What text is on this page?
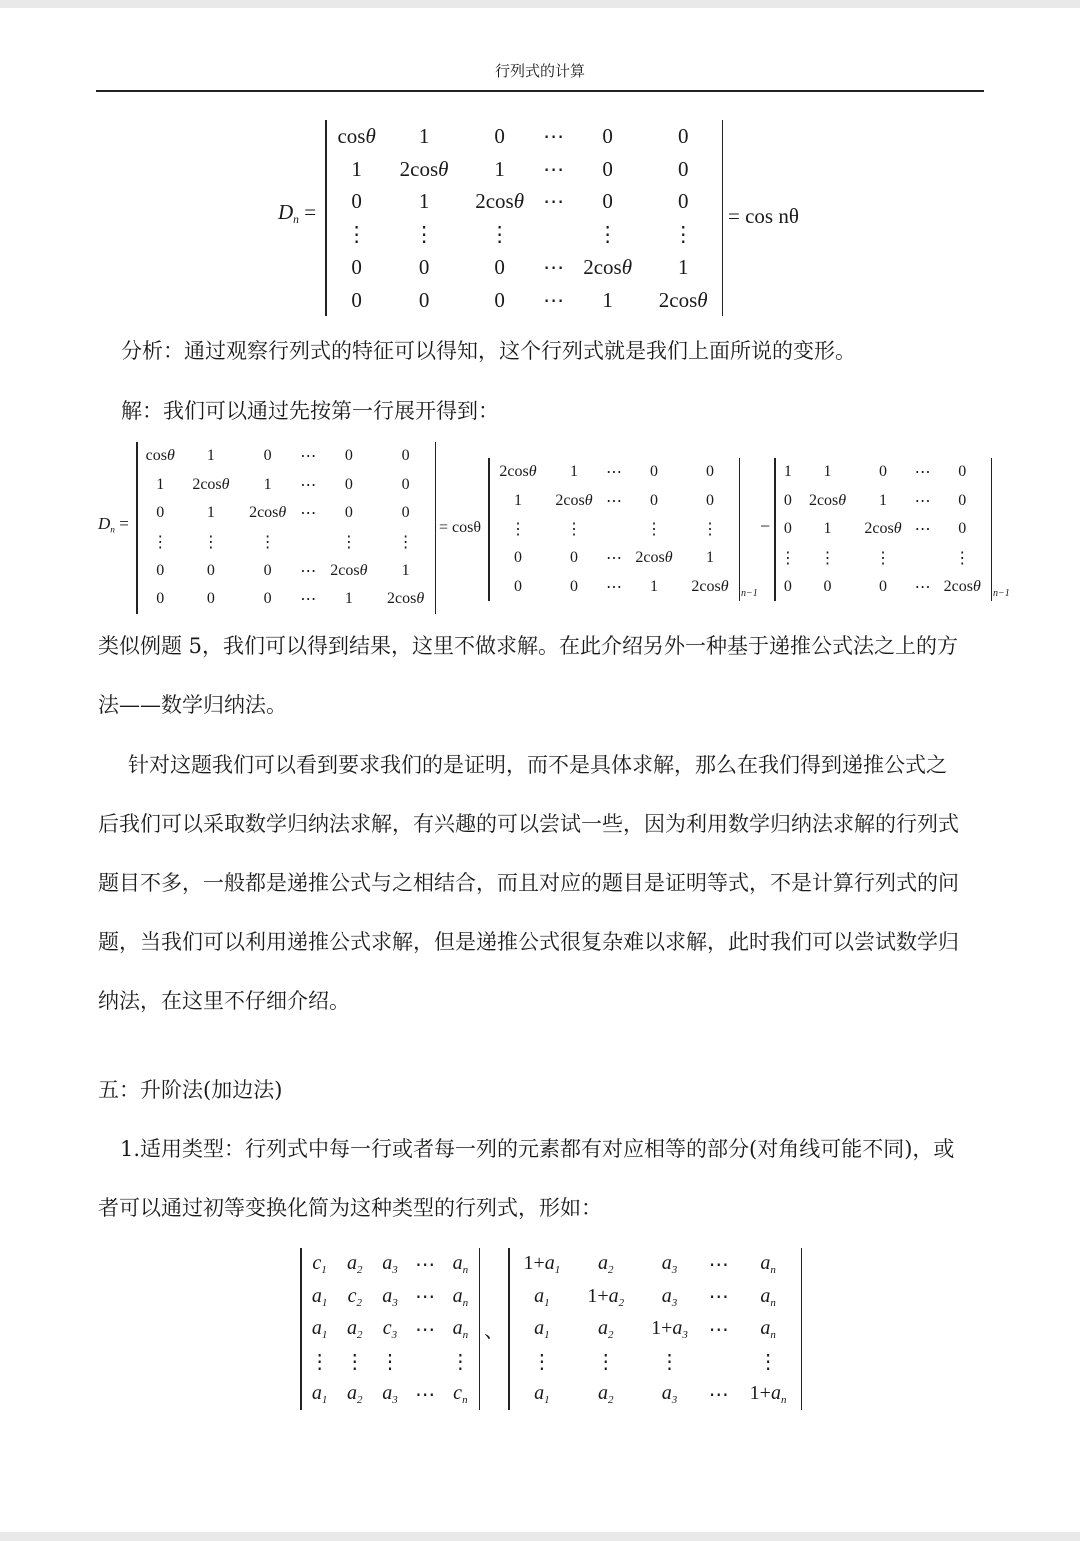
行列式的计算
$D_n$ =
cosθ	1	0	⋯	0	0
1	2cosθ	1	⋯	0	0
0	1	2cosθ	⋯	0	0
⋮	⋮	⋮		⋮	⋮
0	0	0	⋯	2cosθ	1
0	0	0	⋯	1	2cosθ
= cos nθ
分析：通过观察行列式的特征可以得知，这个行列式就是我们上面所说的变形。
解：我们可以通过先按第一行展开得到：
$D_n$ =
cosθ	1	0	⋯	0	0
1	2cosθ	1	⋯	0	0
0	1	2cosθ	⋯	0	0
⋮	⋮	⋮		⋮	⋮
0	0	0	⋯	2cosθ	1
0	0	0	⋯	1	2cosθ
= cosθ
2cosθ	1	⋯	0	0
1	2cosθ	⋯	0	0
⋮	⋮		⋮	⋮
0	0	⋯	2cosθ	1
0	0	⋯	1	2cosθ n−1
−
1	1	0	⋯	0
0	2cosθ	1	⋯	0
0	1	2cosθ	⋯	0
⋮	⋮	⋮		⋮
0	0	0	⋯	2cosθ n−1
类似例题 5，我们可以得到结果，这里不做求解。在此介绍另外一种基于递推公式法之上的方
法——数学归纳法。
针对这题我们可以看到要求我们的是证明，而不是具体求解，那么在我们得到递推公式之
后我们可以采取数学归纳法求解，有兴趣的可以尝试一些，因为利用数学归纳法求解的行列式
题目不多，一般都是递推公式与之相结合，而且对应的题目是证明等式，不是计算行列式的问
题，当我们可以利用递推公式求解，但是递推公式很复杂难以求解，此时我们可以尝试数学归
纳法，在这里不仔细介绍。
五：升阶法(加边法)
1.适用类型：行列式中每一行或者每一列的元素都有对应相等的部分(对角线可能不同)，或
者可以通过初等变换化简为这种类型的行列式，形如：
$c_1$	$a_2$	$a_3$	⋯	$a_n$
$a_1$	$c_2$	$a_3$	⋯	$a_n$
$a_1$	$a_2$	$c_3$	⋯	$a_n$
⋮	⋮	⋮		⋮
$a_1$	$a_2$	$a_3$	⋯	$c_n$
、
$1+a_1$	$a_2$	$a_3$	⋯	$a_n$
$a_1$	$1+a_2$	$a_3$	⋯	$a_n$
$a_1$	$a_2$	$1+a_3$	⋯	$a_n$
⋮	⋮	⋮		⋮
$a_1$	$a_2$	$a_3$	⋯	$1+a_n$
